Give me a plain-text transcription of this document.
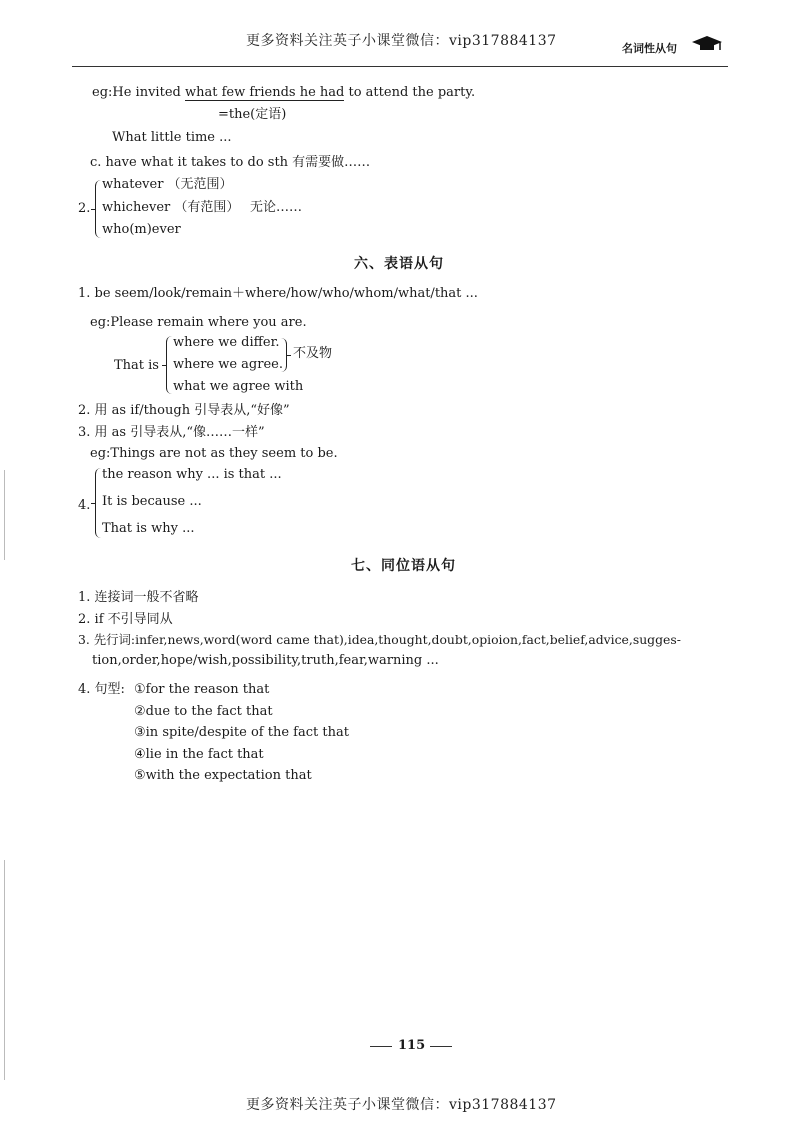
更多资料关注英子小课堂微信：vip317884137	名词性从句
eg:He invited what few friends he had to attend the party.
=the(定语)
What little time ...
c. have what it takes to do sth 有需要做……
2.
whatever （无范围）
whichever （有范围） 无论……
who(m)ever
六、表语从句
1. be seem/look/remain＋where/how/who/whom/what/that ...
eg:Please remain where you are.
That is
where we differ.
where we agree.
what we agree with
不及物
2. 用 as if/though 引导表从,“好像”
3. 用 as 引导表从,“像……一样”
eg:Things are not as they seem to be.
4.
the reason why ... is that ...
It is because ...
That is why ...
七、同位语从句
1. 连接词一般不省略
2. if 不引导同从
3. 先行词:infer,news,word(word came that),idea,thought,doubt,opioion,fact,belief,advice,sugges-
tion,order,hope/wish,possibility,truth,fear,warning ...
4. 句型: ①for the reason that
②due to the fact that
③in spite/despite of the fact that
④lie in the fact that
⑤with the expectation that
115
更多资料关注英子小课堂微信：vip317884137
